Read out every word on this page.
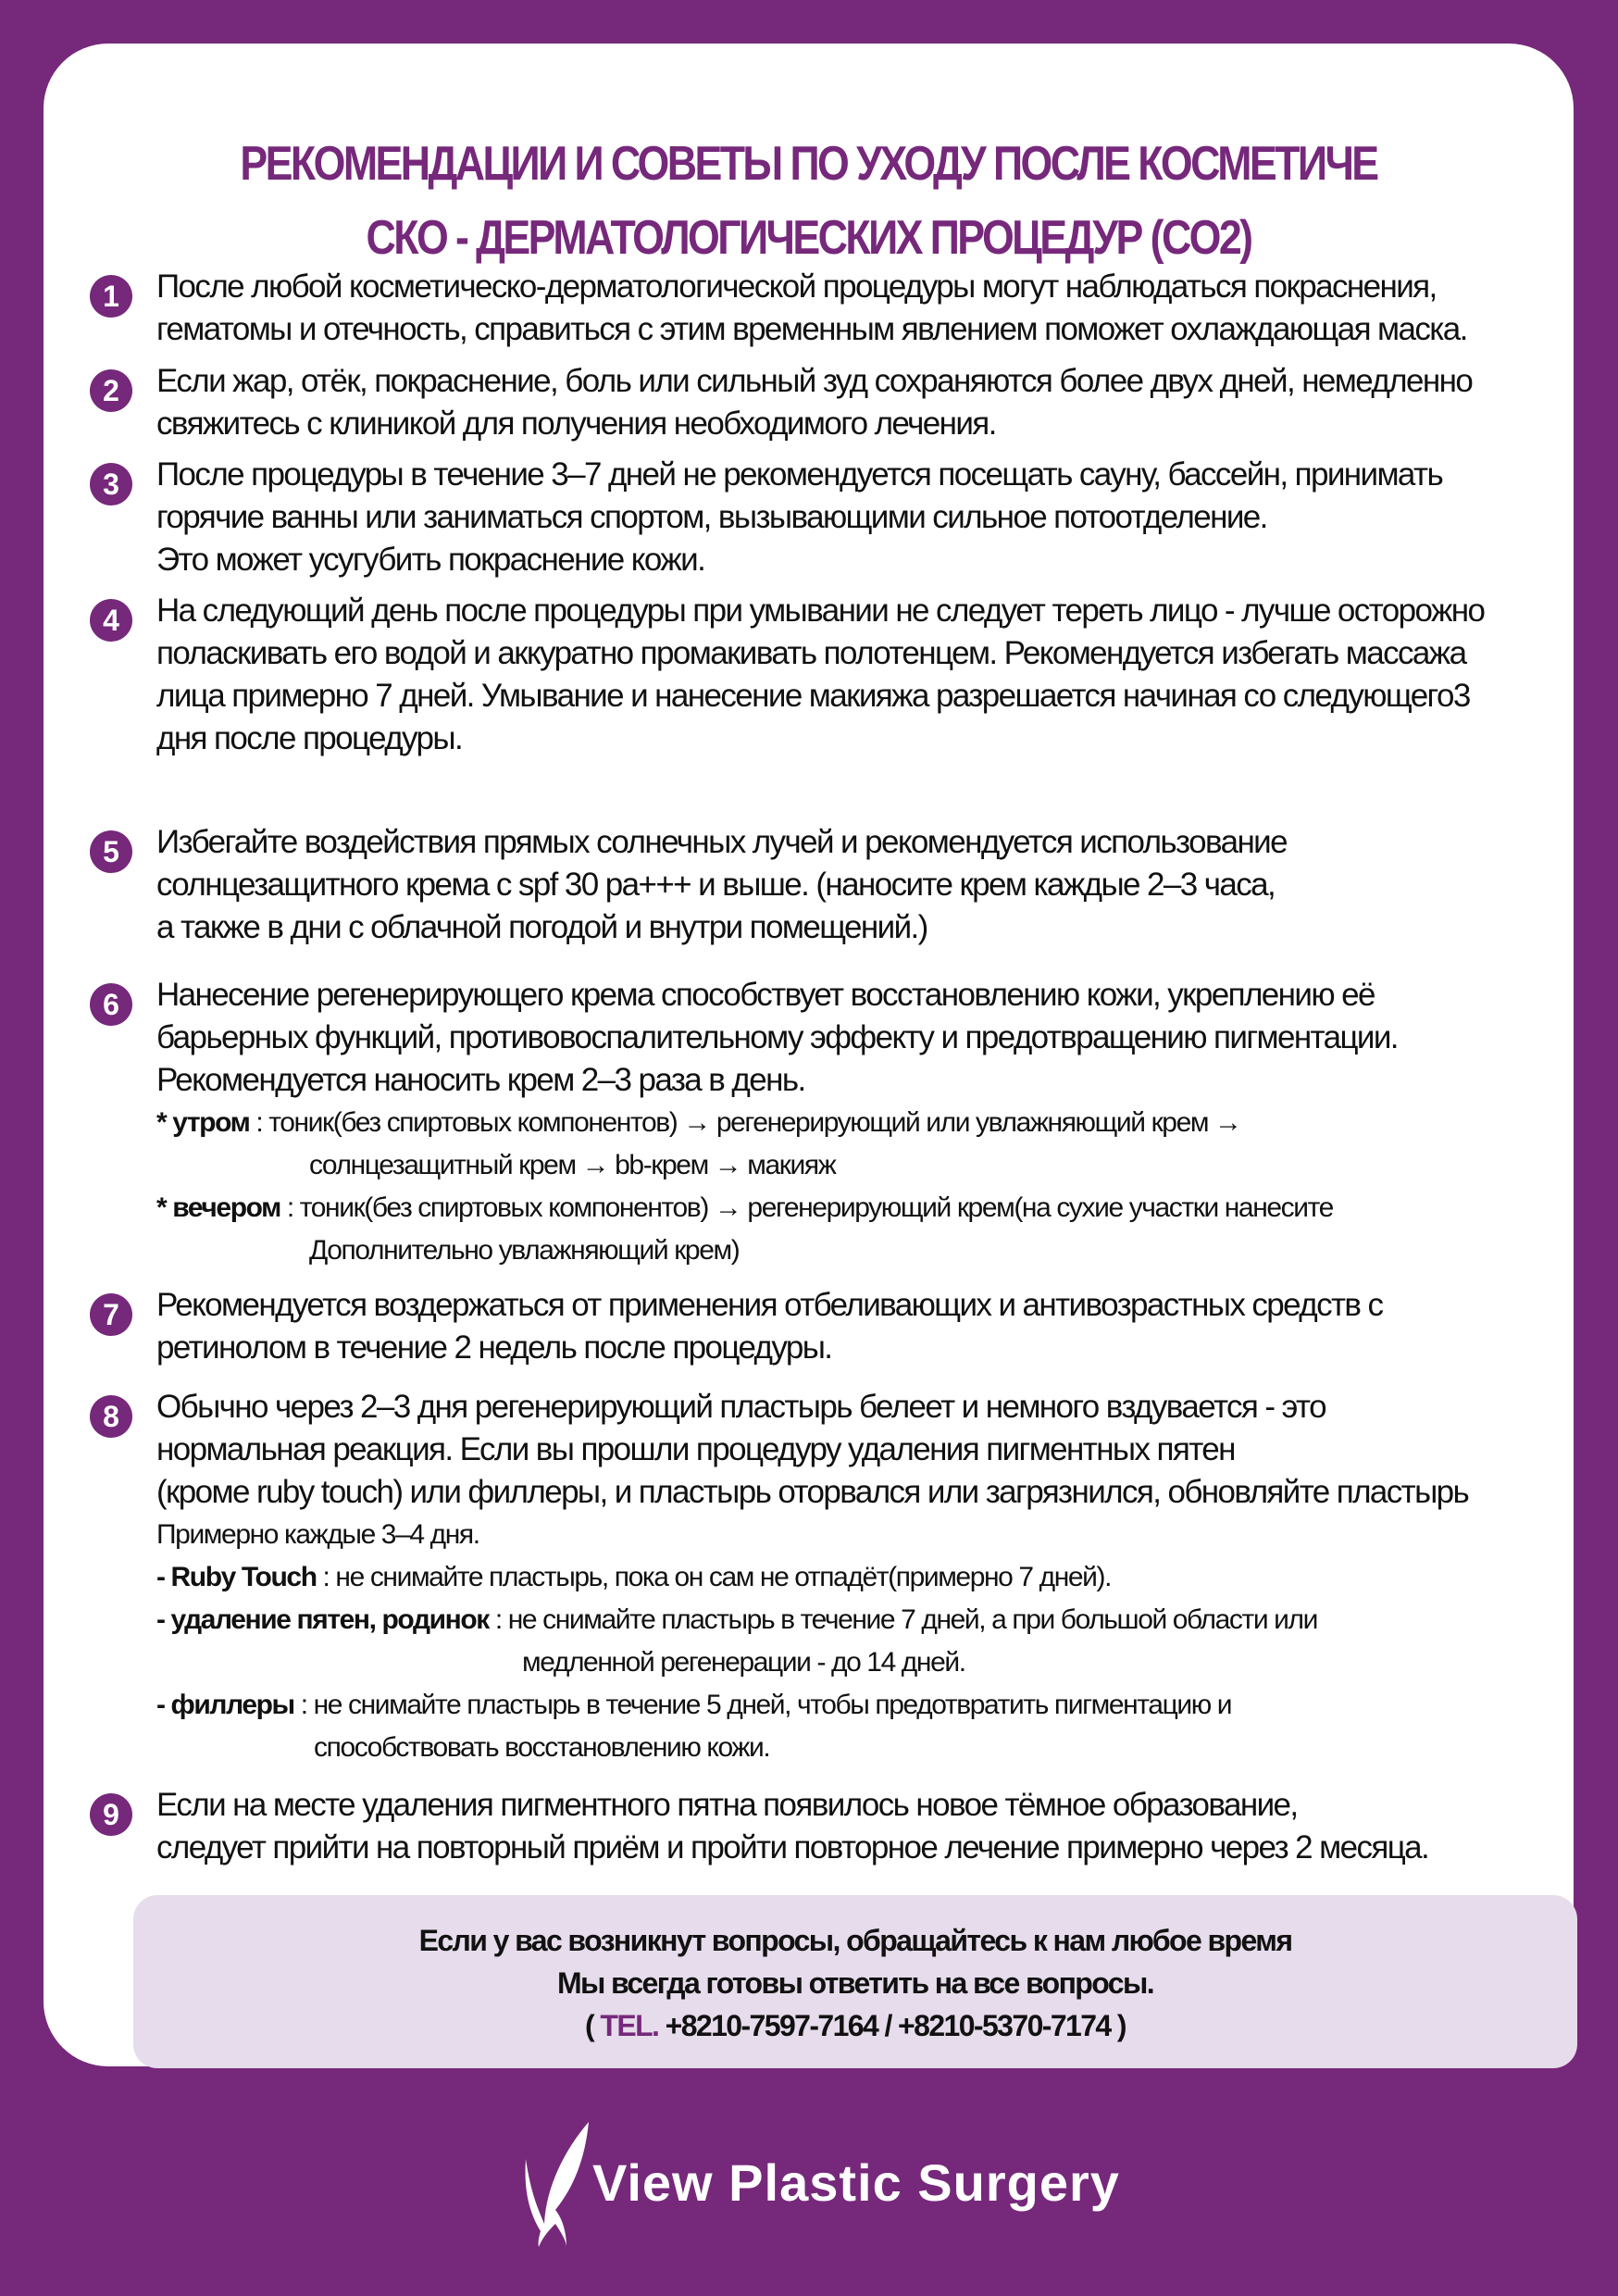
РЕКОМЕНДАЦИИ И СОВЕТЫ ПО УХОДУ ПОСЛЕ КОСМЕТИЧЕ
СКО - ДЕРМАТОЛОГИЧЕСКИХ ПРОЦЕДУР (CO2)
1	После любой косметическо-дерматологической процедуры могут наблюдаться покраснения,
гематомы и отечность, справиться с этим временным явлением поможет охлаждающая маска.
2	Если жар, отёк, покраснение, боль или сильный зуд сохраняются более двух дней, немедленно
свяжитесь с клиникой для получения необходимого лечения.
3	После процедуры в течение 3–7 дней не рекомендуется посещать сауну, бассейн, принимать
горячие ванны или заниматься спортом, вызывающими сильное потоотделение.
Это может усугубить покраснение кожи.
4	На следующий день после процедуры при умывании не следует тереть лицо - лучше осторожно
поласкивать его водой и аккуратно промакивать полотенцем. Рекомендуется избегать массажа
лица примерно 7 дней. Умывание и нанесение макияжа разрешается начиная со следующего3
дня после процедуры.
5	Избегайте воздействия прямых солнечных лучей и рекомендуется использование
солнцезащитного крема с spf 30 pa+++ и выше. (наносите крем каждые 2–3 часа,
а также в дни с облачной погодой и внутри помещений.)
6	Нанесение регенерирующего крема способствует восстановлению кожи, укреплению её
барьерных функций, противовоспалительному эффекту и предотвращению пигментации.
Рекомендуется наносить крем 2–3 раза в день.
* утром : тоник(без спиртовых компонентов) → регенерирующий или увлажняющий крем →
солнцезащитный крем → bb-крем → макияж
* вечером : тоник(без спиртовых компонентов) → регенерирующий крем(на сухие участки нанесите
Дополнительно увлажняющий крем)
7	Рекомендуется воздержаться от применения отбеливающих и антивозрастных средств с
ретинолом в течение 2 недель после процедуры.
8	Обычно через 2–3 дня регенерирующий пластырь белеет и немного вздувается - это
нормальная реакция. Если вы прошли процедуру удаления пигментных пятен
(кроме ruby touch) или филлеры, и пластырь оторвался или загрязнился, обновляйте пластырь
Примерно каждые 3–4 дня.
- Ruby Touch : не снимайте пластырь, пока он сам не отпадёт(примерно 7 дней).
- удаление пятен, родинок : не снимайте пластырь в течение 7 дней, а при большой области или
медленной регенерации - до 14 дней.
- филлеры : не снимайте пластырь в течение 5 дней, чтобы предотвратить пигментацию и
способствовать восстановлению кожи.
9	Если на месте удаления пигментного пятна появилось новое тёмное образование,
следует прийти на повторный приём и пройти повторное лечение примерно через 2 месяца.
Если у вас возникнут вопросы, обращайтесь к нам любое время
Мы всегда готовы ответить на все вопросы.
( TEL. +8210-7597-7164 / +8210-5370-7174 )
View Plastic Surgery
